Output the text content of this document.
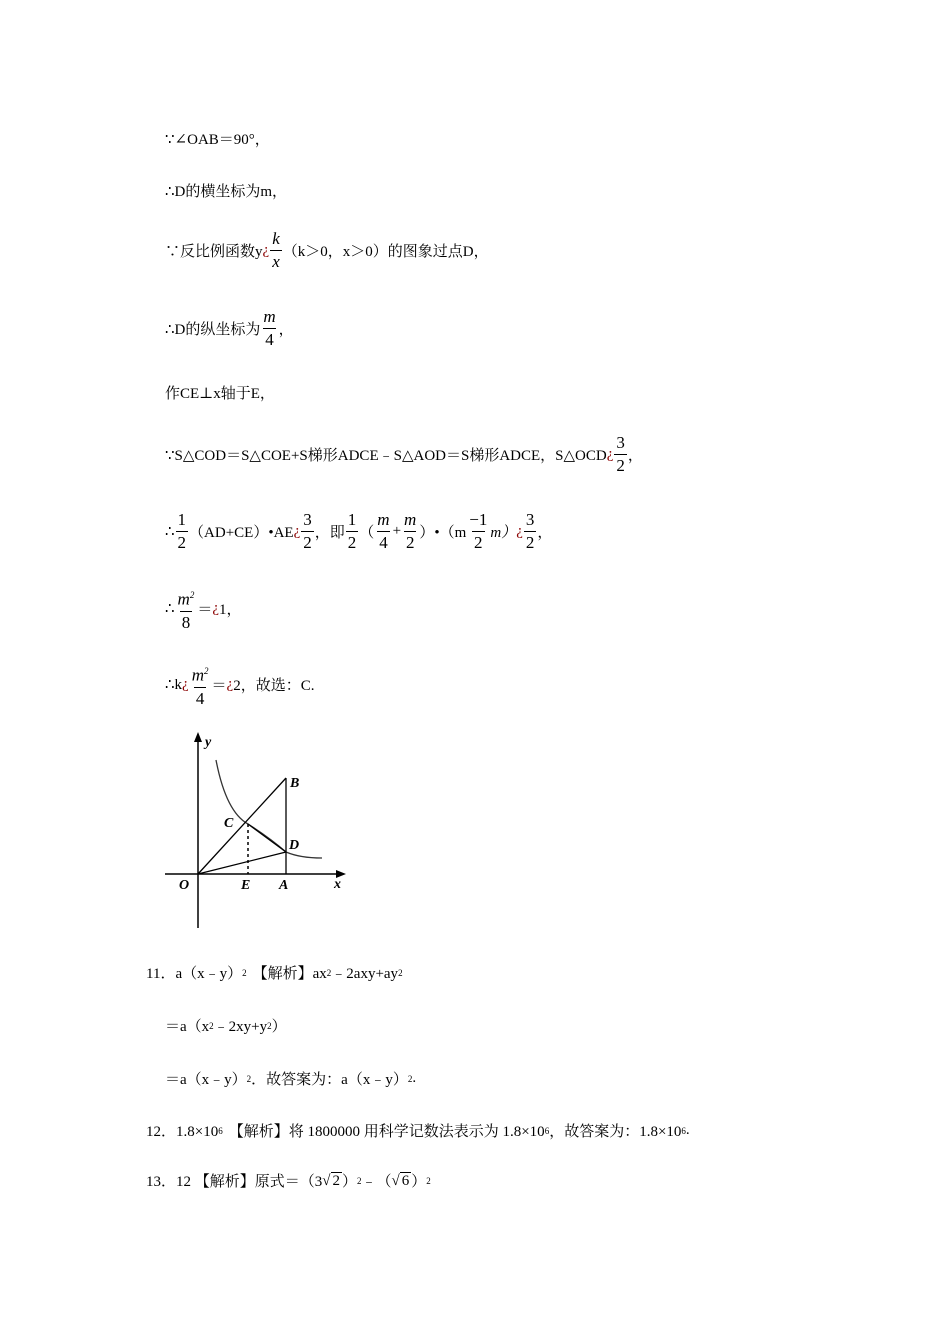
∵∠OAB＝90°，
∴D的横坐标为m，
∵反比例函数y ¿ $\frac{k}{x} (k>0$，x＞0）的图象过点D，
∴D的纵坐标为 $\frac{m}{4}$ ，
作CE⊥x轴于E，
∵S△COD＝S△COE+S梯形ADCE﹣S△AOD＝S梯形ADCE，S△OCD ¿ $\frac{3}{2}$ ，
∴ $\frac{1}{2}$ （AD+CE）•AE ¿ $\frac{3}{2}$ ，即 $\frac{1}{2}$ （ $\frac{m}{4} + \frac{m}{2}$ ）•（m $\frac{-1}{2} m$） ¿ $\frac{3}{2}$ ，
∴ $\frac{m^2}{8}$ ＝ ¿ 1，
∴k ¿ $\frac{m^2}{4}$ ＝ ¿ 2，故选：C.
y
x
O	E A
B
C
D
11．a（x﹣y） 2 【解析】ax 2 ﹣2axy+ay 2
＝a（x 2 ﹣2xy+y 2 ）
＝a（x﹣y） 2 ．故答案为：a（x﹣y） 2 .
12．1.8×10 6 【解析】将 1800000 用科学记数法表示为 1.8×10 6 ，故答案为：1.8×10 6 .
13．12 【解析】原式＝（3 √ 2 ） 2 ﹣（ √ 6 ） 2
